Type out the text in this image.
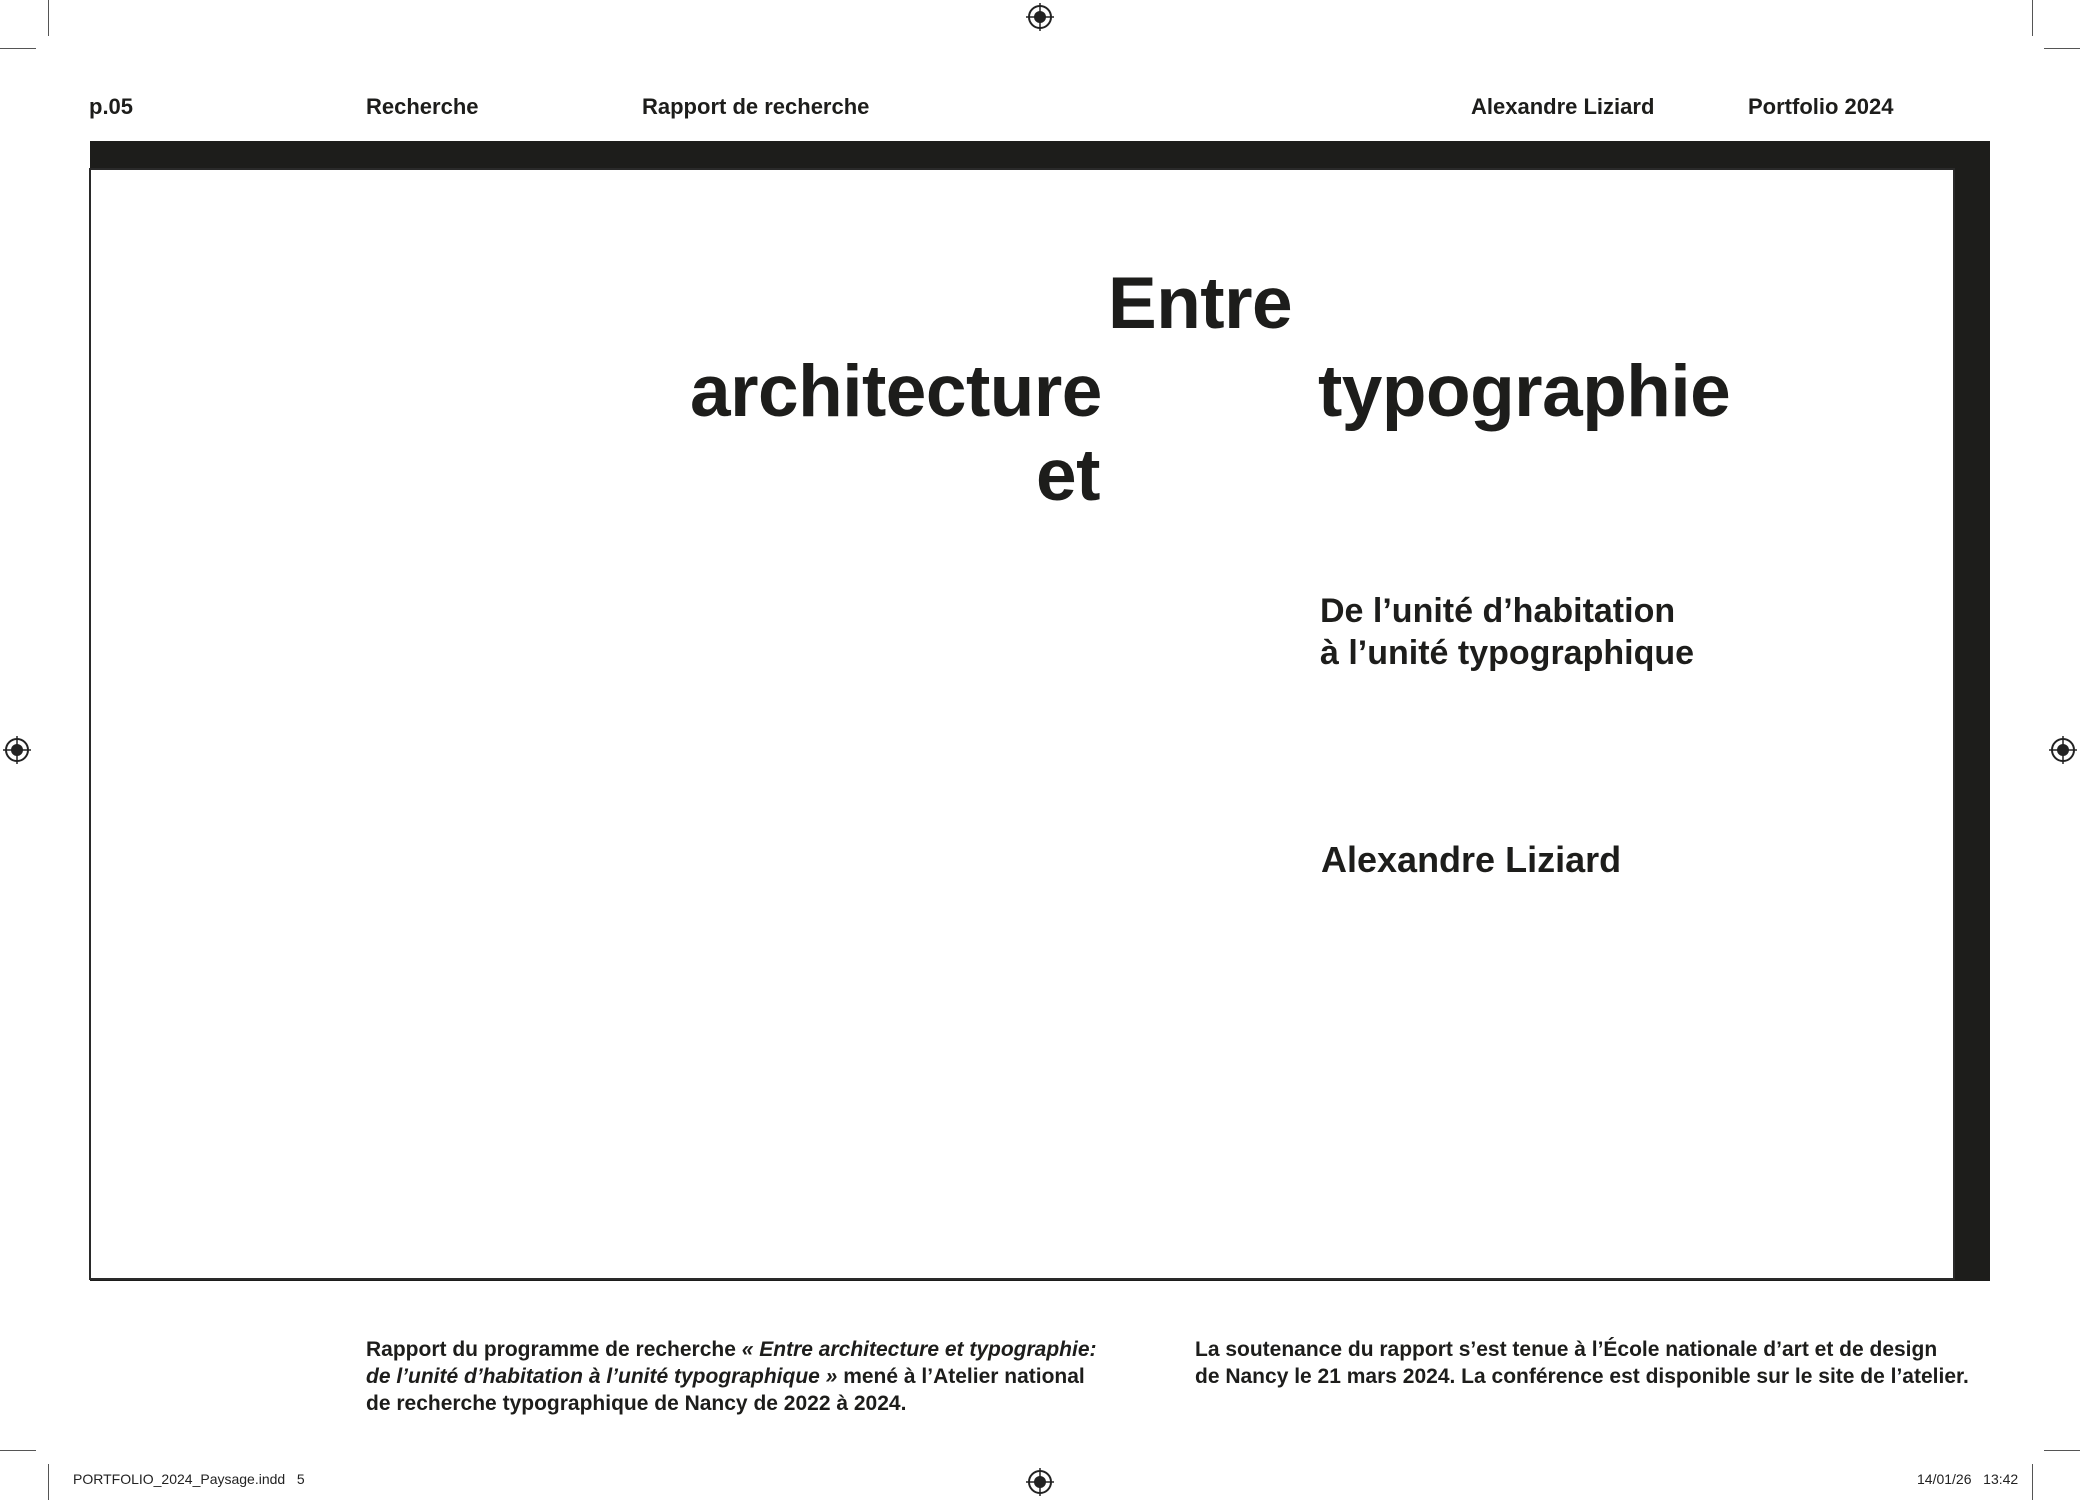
p.05	Recherche	Rapport de recherche	Alexandre Liziard	Portfolio 2024
Entre
architecture	typographie
et
De l’unité d’habitation
à l’unité typographique
Alexandre Liziard
Rapport du programme de recherche « Entre architecture et typographie:
de l’unité d’habitation à l’unité typographique » mené à l’Atelier national
de recherche typographique de Nancy de 2022 à 2024.
La soutenance du rapport s’est tenue à l’École nationale d’art et de design
de Nancy le 21 mars 2024. La conférence est disponible sur le site de l’atelier.
PORTFOLIO_2024_Paysage.indd   5	14/01/26   13:42
